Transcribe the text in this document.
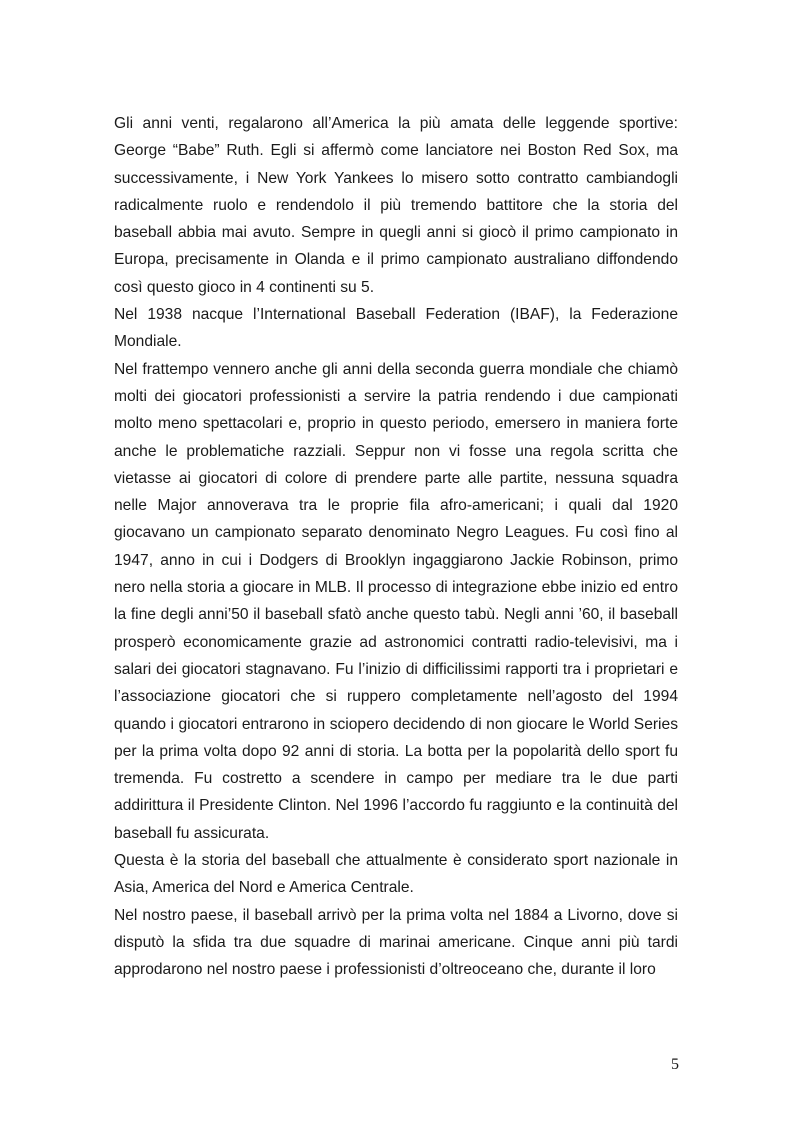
Gli anni venti, regalarono all’America la più amata delle leggende sportive: George “Babe” Ruth. Egli si affermò come lanciatore nei Boston Red Sox, ma successivamente, i New York Yankees lo misero sotto contratto cambiandogli radicalmente ruolo e rendendolo il più tremendo battitore che la storia del baseball abbia mai avuto. Sempre in quegli anni si giocò il primo campionato in Europa, precisamente in Olanda e il primo campionato australiano diffondendo così questo gioco in 4 continenti su 5.

Nel 1938 nacque l’International Baseball Federation (IBAF), la Federazione Mondiale.

Nel frattempo vennero anche gli anni della seconda guerra mondiale che chiamò molti dei giocatori professionisti a servire la patria rendendo i due campionati molto meno spettacolari e, proprio in questo periodo, emersero in maniera forte anche le problematiche razziali. Seppur non vi fosse una regola scritta che vietasse ai giocatori di colore di prendere parte alle partite, nessuna squadra nelle Major annoverava tra le proprie fila afro-americani; i quali dal 1920 giocavano un campionato separato denominato Negro Leagues. Fu così fino al 1947, anno in cui i Dodgers di Brooklyn ingaggiarono Jackie Robinson, primo nero nella storia a giocare in MLB. Il processo di integrazione ebbe inizio ed entro la fine degli anni’50 il baseball sfatò anche questo tabù. Negli anni ’60, il baseball prosperò economicamente grazie ad astronomici contratti radio-televisivi, ma i salari dei giocatori stagnavano. Fu l’inizio di difficilissimi rapporti tra i proprietari e l’associazione giocatori che si ruppero completamente nell’agosto del 1994 quando i giocatori entrarono in sciopero decidendo di non giocare le World Series per la prima volta dopo 92 anni di storia. La botta per la popolarità dello sport fu tremenda. Fu costretto a scendere in campo per mediare tra le due parti addirittura il Presidente Clinton. Nel 1996 l’accordo fu raggiunto e la continuità del baseball fu assicurata.

Questa è la storia del baseball che attualmente è considerato sport nazionale in Asia, America del Nord e America Centrale.

Nel nostro paese, il baseball arrivò per la prima volta nel 1884 a Livorno, dove si disputò la sfida tra due squadre di marinai americane. Cinque anni più tardi approdarono nel nostro paese i professionisti d’oltreoceano che, durante il loro

5
